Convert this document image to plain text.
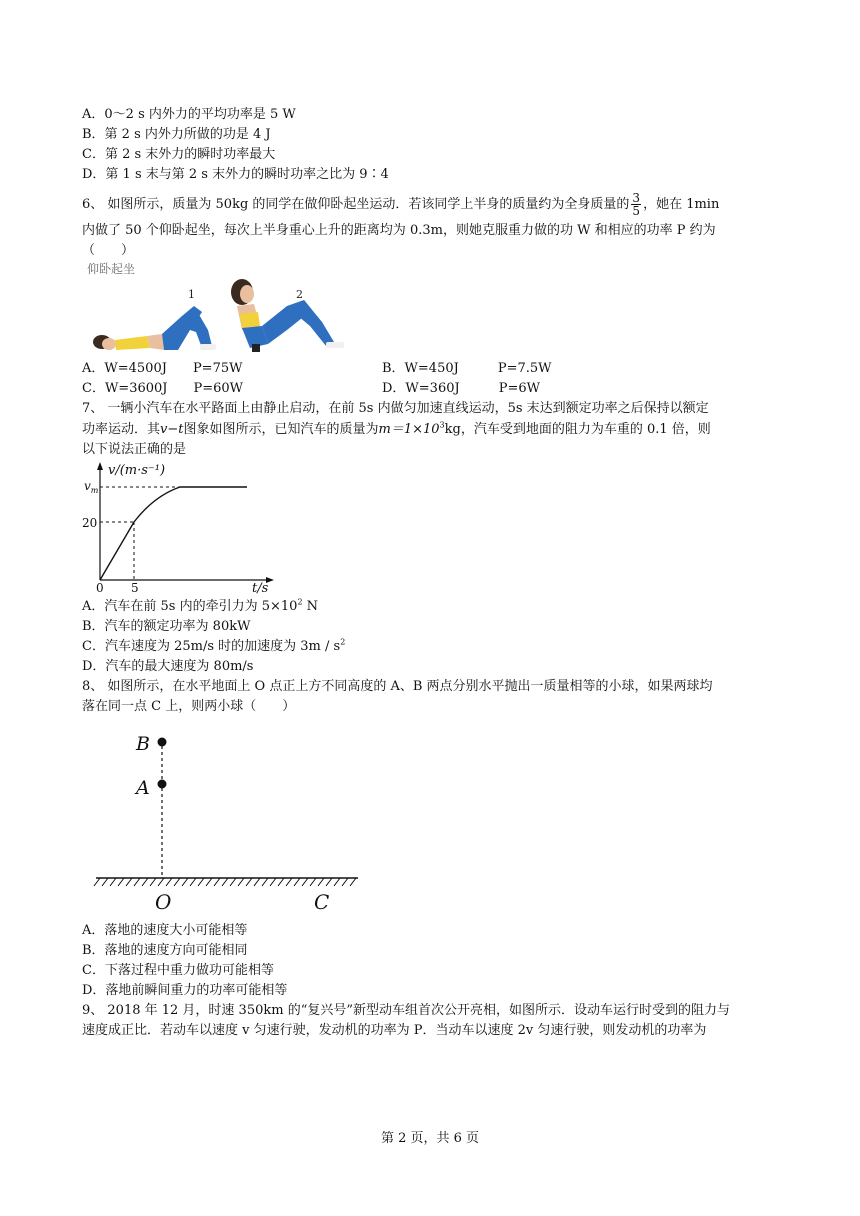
A．0～2 s 内外力的平均功率是 5 W
B．第 2 s 内外力所做的功是 4 J
C．第 2 s 末外力的瞬时功率最大
D．第 1 s 末与第 2 s 末外力的瞬时功率之比为 9∶4
6、 如图所示，质量为 50kg 的同学在做仰卧起坐运动．若该同学上半身的质量约为全身质量的 $\frac{3}{5}$ ，她在 1min
内做了 50 个仰卧起坐，每次上半身重心上升的距离均为 0.3m，则她克服重力做的功 W 和相应的功率 P 约为
（　　）
仰卧起坐
1	2
A．W=4500J　　P=75W	B．W=450J　　　P=7.5W
C．W=3600J　　P=60W	D．W=360J　　　P=6W
7、 一辆小汽车在水平路面上由静止启动，在前 5s 内做匀加速直线运动，5s 末达到额定功率之后保持以额定
功率运动．其v−t图象如图所示，已知汽车的质量为$m=1\times 10^3kg$，汽车受到地面的阻力为车重的 0.1 倍，则
以下说法正确的是
v/(m·s⁻¹)
t/s
0 5
20
$v_m$
A．汽车在前 5s 内的牵引力为 $5\times 10^2$ N
B．汽车的额定功率为 80kW
C．汽车速度为 25m/s 时的加速度为 $3m / s^2$
D．汽车的最大速度为 80m/s
8、 如图所示，在水平地面上 O 点正上方不同高度的 A、B 两点分别水平抛出一质量相等的小球，如果两球均
落在同一点 C 上，则两小球（　　）
B
A
O	C
A．落地的速度大小可能相等
B．落地的速度方向可能相同
C．下落过程中重力做功可能相等
D．落地前瞬间重力的功率可能相等
9、 2018 年 12 月，时速 350km 的“复兴号”新型动车组首次公开亮相，如图所示．设动车运行时受到的阻力与
速度成正比．若动车以速度 v 匀速行驶，发动机的功率为 P．当动车以速度 2v 匀速行驶，则发动机的功率为
第 2 页，共 6 页
